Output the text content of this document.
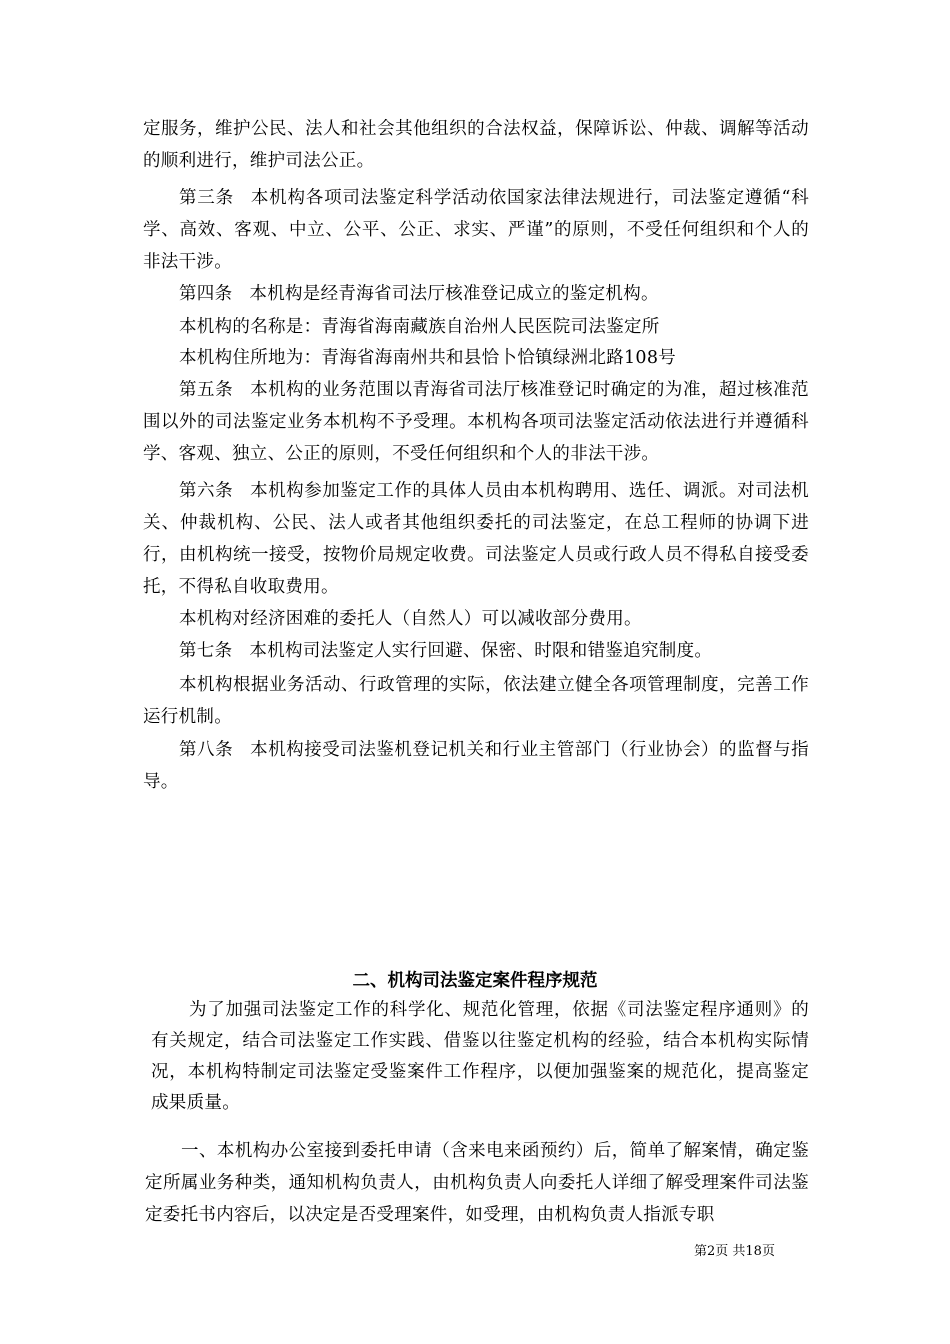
定服务，维护公民、法人和社会其他组织的合法权益，保障诉讼、仲裁、调解等活动的顺利进行，维护司法公正。

第三条 本机构各项司法鉴定科学活动依国家法律法规进行，司法鉴定遵循“科学、高效、客观、中立、公平、公正、求实、严谨”的原则，不受任何组织和个人的非法干涉。

第四条 本机构是经青海省司法厅核准登记成立的鉴定机构。

本机构的名称是：青海省海南藏族自治州人民医院司法鉴定所

本机构住所地为：青海省海南州共和县恰卜恰镇绿洲北路108号

第五条 本机构的业务范围以青海省司法厅核准登记时确定的为准，超过核准范围以外的司法鉴定业务本机构不予受理。本机构各项司法鉴定活动依法进行并遵循科学、客观、独立、公正的原则，不受任何组织和个人的非法干涉。

第六条 本机构参加鉴定工作的具体人员由本机构聘用、选任、调派。对司法机关、仲裁机构、公民、法人或者其他组织委托的司法鉴定，在总工程师的协调下进行，由机构统一接受，按物价局规定收费。司法鉴定人员或行政人员不得私自接受委托，不得私自收取费用。

本机构对经济困难的委托人（自然人）可以减收部分费用。

第七条 本机构司法鉴定人实行回避、保密、时限和错鉴追究制度。

本机构根据业务活动、行政管理的实际，依法建立健全各项管理制度，完善工作运行机制。

第八条 本机构接受司法鉴机登记机关和行业主管部门（行业协会）的监督与指导。

二、机构司法鉴定案件程序规范

为了加强司法鉴定工作的科学化、规范化管理，依据《司法鉴定程序通则》的有关规定，结合司法鉴定工作实践、借鉴以往鉴定机构的经验，结合本机构实际情况，本机构特制定司法鉴定受鉴案件工作程序，以便加强鉴案的规范化，提高鉴定成果质量。

一、本机构办公室接到委托申请（含来电来函预约）后，简单了解案情，确定鉴定所属业务种类，通知机构负责人，由机构负责人向委托人详细了解受理案件司法鉴定委托书内容后，以决定是否受理案件，如受理，由机构负责人指派专职

第2页 共18页
